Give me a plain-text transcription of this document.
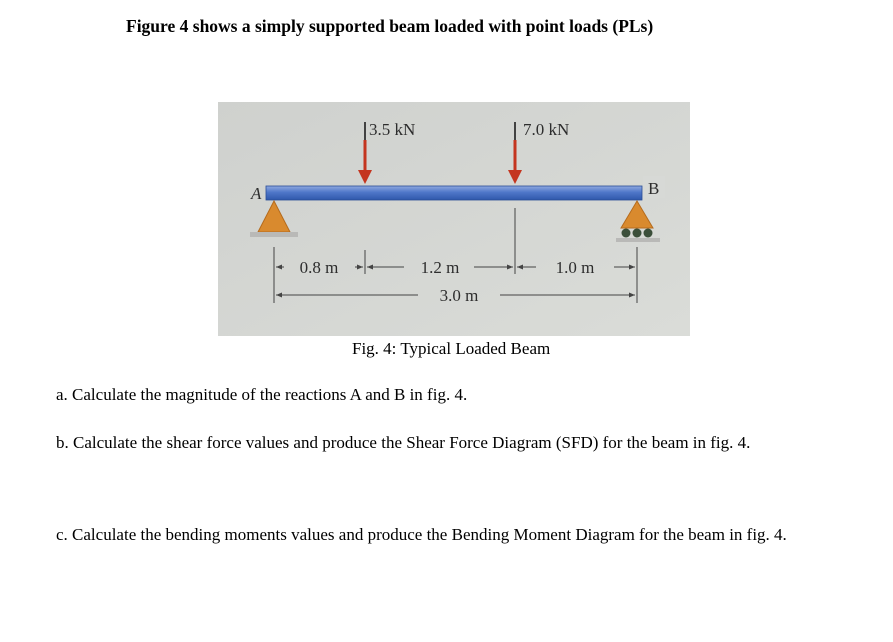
Figure 4 shows a simply supported beam loaded with point loads (PLs)
3.5 kN	7.0 kN
A	B
0.8 m	1.2 m	1.0 m
3.0 m
Fig. 4: Typical Loaded Beam
a. Calculate the magnitude of the reactions A and B in fig. 4.
b. Calculate the shear force values and produce the Shear Force Diagram (SFD) for the beam in fig. 4.
c. Calculate the bending moments values and produce the Bending Moment Diagram for the beam in fig. 4.
